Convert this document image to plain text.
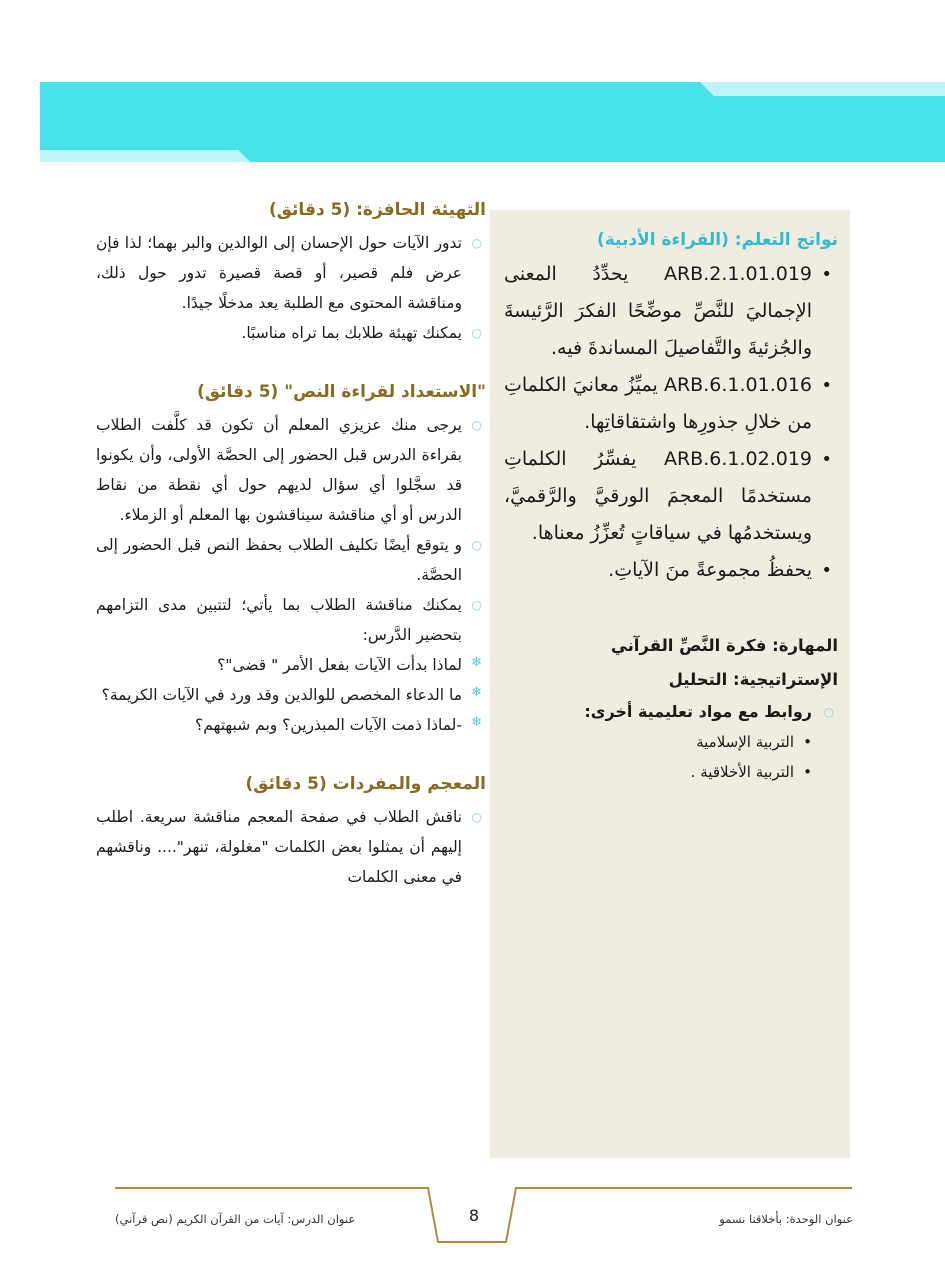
التهيئة الحافزة: (5 دقائق)

○
تدور الآيات حول الإحسان إلى الوالدين والبر بهما؛ لذا فإن عرض فلم قصير، أو قصة قصيرة تدور حول ذلك، ومناقشة المحتوى مع الطلبة يعد مدخلًا جيدًا.

○
يمكنك تهيئة طلابك بما تراه مناسبًا.

"الاستعداد لقراءة النص" (5 دقائق)

○
يرجى منك عزيزي المعلم أن تكون قد كلَّفت الطلاب بقراءة الدرس قبل الحضور إلى الحصَّة الأولى، وأن يكونوا قد سجَّلوا أي سؤال لديهم حول أي نقطة من نقاط الدرس أو أي مناقشة سيناقشون بها المعلم أو الزملاء.

○
و يتوقع أيضًا تكليف الطلاب بحفظ النص قبل الحضور إلى الحصَّة.

○
يمكنك مناقشة الطلاب بما يأتي؛ لتتبين مدى التزامهم بتحضير الدَّرس:

❄
لماذا بدأت الآيات بفعل الأمر " قضى"؟

❄
ما الدعاء المخصص للوالدين وقد ورد في الآيات الكريمة؟

❄
-لماذا ذمت الآيات المبذرين؟ وبم شبهتهم؟

المعجم والمفردات (5 دقائق)

○
ناقش الطلاب في صفحة المعجم مناقشة سريعة. اطلب إليهم أن يمثلوا بعض الكلمات "مغلولة، تنهر".... وناقشهم في معنى الكلمات

نواتج التعلم: (القراءة الأدبية)

•
ARB.2.1.01.019 يحدِّدُ المعنى الإجماليَ للنَّصِّ موضِّحًا الفكرَ الرَّئيسةَ والجُزئيةَ والتَّفاصيلَ المساندةَ فيه.

•
ARB.6.1.01.016 يميِّزُ معانيَ الكلماتِ من خلالِ جذورِها واشتقاقاتِها.

•
ARB.6.1.02.019 يفسِّرُ الكلماتِ مستخدمًا المعجمَ الورقيَّ والرَّقميَّ، ويستخدمُها في سياقاتٍ تُعزِّزُ معناها.

•
يحفظُ مجموعةً منَ الآياتِ.

المهارة: فكرة النَّصِّ القرآني

الإستراتيجية: التحليل

○
روابط مع مواد تعليمية أخرى:

•
التربية الإسلامية

•
التربية الأخلاقية .

عنوان الدرس: آيات من القرآن الكريم (نص قرآني)	8	عنوان الوحدة: بأخلاقنا نسمو
